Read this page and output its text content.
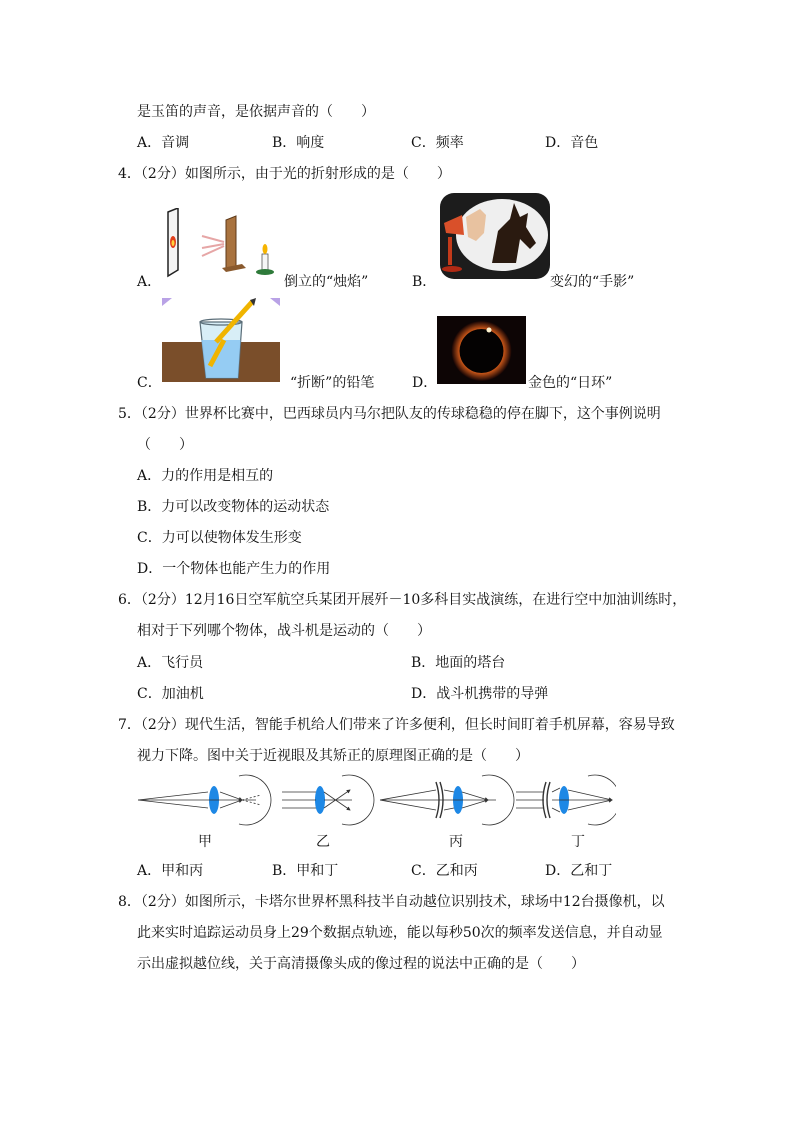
是玉笛的声音，是依据声音的（　　）
A．音调	B．响度	C．频率	D．音色
4．（2分）如图所示，由于光的折射形成的是（　　）
A．	倒立的“烛焰”	B．	变幻的“手影”
C．	“折断”的铅笔	D．	金色的“日环”
5．（2分）世界杯比赛中，巴西球员内马尔把队友的传球稳稳的停在脚下，这个事例说明
（　　）
A．力的作用是相互的
B．力可以改变物体的运动状态
C．力可以使物体发生形变
D．一个物体也能产生力的作用
6．（2分）12月16日空军航空兵某团开展歼－10多科目实战演练，在进行空中加油训练时，
相对于下列哪个物体，战斗机是运动的（　　）
A．飞行员	B．地面的塔台
C．加油机	D．战斗机携带的导弹
7．（2分）现代生活，智能手机给人们带来了许多便利，但长时间盯着手机屏幕，容易导致
视力下降。图中关于近视眼及其矫正的原理图正确的是（　　）
甲	乙	丙	丁
A．甲和丙	B．甲和丁	C．乙和丙	D．乙和丁
8．（2分）如图所示，卡塔尔世界杯黑科技半自动越位识别技术，球场中12台摄像机，以
此来实时追踪运动员身上29个数据点轨迹，能以每秒50次的频率发送信息，并自动显
示出虚拟越位线，关于高清摄像头成的像过程的说法中正确的是（　　）
